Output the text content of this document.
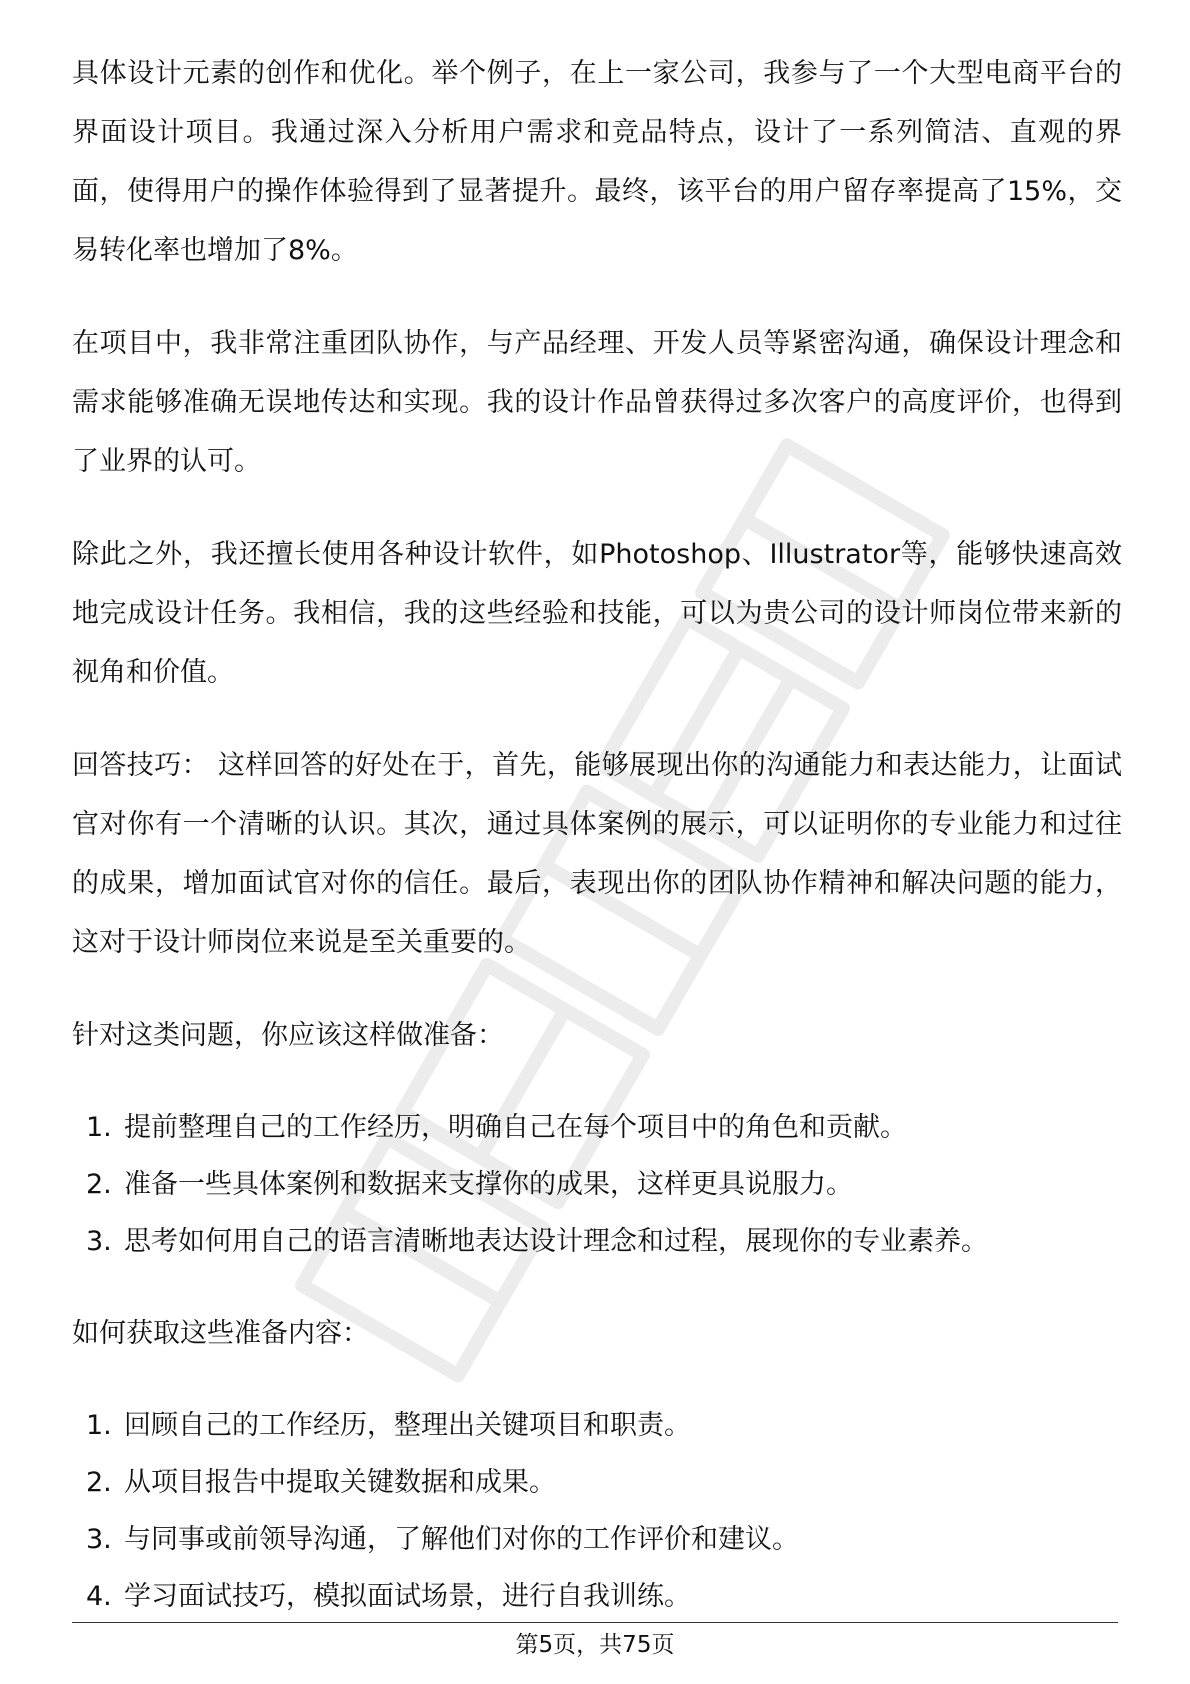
具体设计元素的创作和优化。举个例子，在上一家公司，我参与了一个大型电商平台的界面设计项目。我通过深入分析用户需求和竞品特点，设计了一系列简洁、直观的界面，使得用户的操作体验得到了显著提升。最终，该平台的用户留存率提高了15%，交易转化率也增加了8%。

在项目中，我非常注重团队协作，与产品经理、开发人员等紧密沟通，确保设计理念和需求能够准确无误地传达和实现。我的设计作品曾获得过多次客户的高度评价，也得到了业界的认可。

除此之外，我还擅长使用各种设计软件，如Photoshop、Illustrator等，能够快速高效地完成设计任务。我相信，我的这些经验和技能，可以为贵公司的设计师岗位带来新的视角和价值。

回答技巧： 这样回答的好处在于，首先，能够展现出你的沟通能力和表达能力，让面试官对你有一个清晰的认识。其次，通过具体案例的展示，可以证明你的专业能力和过往的成果，增加面试官对你的信任。最后，表现出你的团队协作精神和解决问题的能力，这对于设计师岗位来说是至关重要的。

针对这类问题，你应该这样做准备：

1. 提前整理自己的工作经历，明确自己在每个项目中的角色和贡献。
2. 准备一些具体案例和数据来支撑你的成果，这样更具说服力。
3. 思考如何用自己的语言清晰地表达设计理念和过程，展现你的专业素养。

如何获取这些准备内容：

1. 回顾自己的工作经历，整理出关键项目和职责。
2. 从项目报告中提取关键数据和成果。
3. 与同事或前领导沟通，了解他们对你的工作评价和建议。
4. 学习面试技巧，模拟面试场景，进行自我训练。
第5页，共75页
